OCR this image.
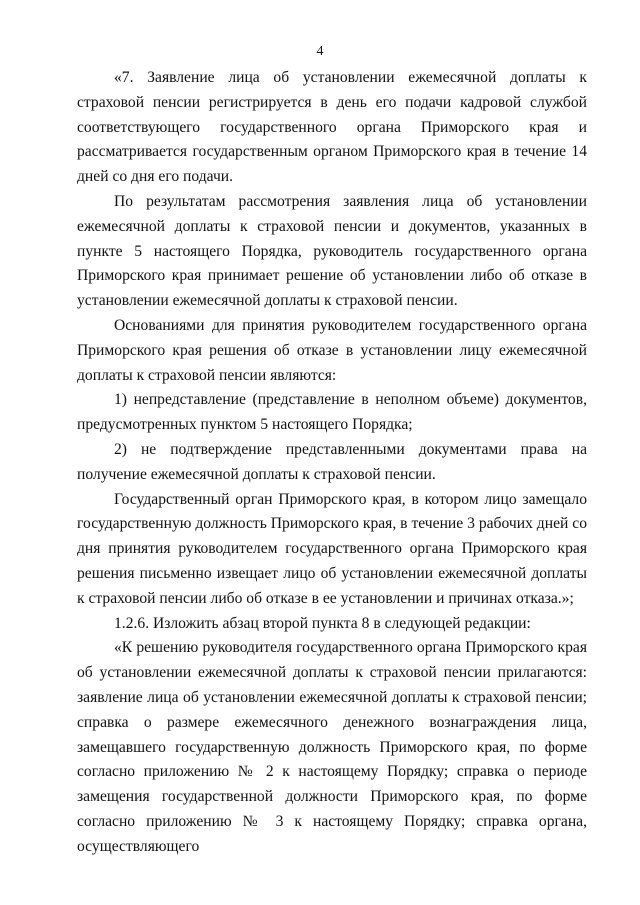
4

«7. Заявление лица об установлении ежемесячной доплаты к страховой пенсии регистрируется в день его подачи кадровой службой соответствующего государственного органа Приморского края и рассматривается государственным органом Приморского края в течение 14 дней со дня его подачи.

По результатам рассмотрения заявления лица об установлении ежемесячной доплаты к страховой пенсии и документов, указанных в пункте 5 настоящего Порядка, руководитель государственного органа Приморского края принимает решение об установлении либо об отказе в установлении ежемесячной доплаты к страховой пенсии.

Основаниями для принятия руководителем государственного органа Приморского края решения об отказе в установлении лицу ежемесячной доплаты к страховой пенсии являются:

1) непредставление (представление в неполном объеме) документов, предусмотренных пунктом 5 настоящего Порядка;

2) не подтверждение представленными документами права на получение ежемесячной доплаты к страховой пенсии.

Государственный орган Приморского края, в котором лицо замещало государственную должность Приморского края, в течение 3 рабочих дней со дня принятия руководителем государственного органа Приморского края решения письменно извещает лицо об установлении ежемесячной доплаты к страховой пенсии либо об отказе в ее установлении и причинах отказа.»;

1.2.6. Изложить абзац второй пункта 8 в следующей редакции:

«К решению руководителя государственного органа Приморского края об установлении ежемесячной доплаты к страховой пенсии прилагаются: заявление лица об установлении ежемесячной доплаты к страховой пенсии; справка о размере ежемесячного денежного вознаграждения лица, замещавшего государственную должность Приморского края, по форме согласно приложению № 2 к настоящему Порядку; справка о периоде замещения государственной должности Приморского края, по форме согласно приложению № 3 к настоящему Порядку; справка органа, осуществляющего
